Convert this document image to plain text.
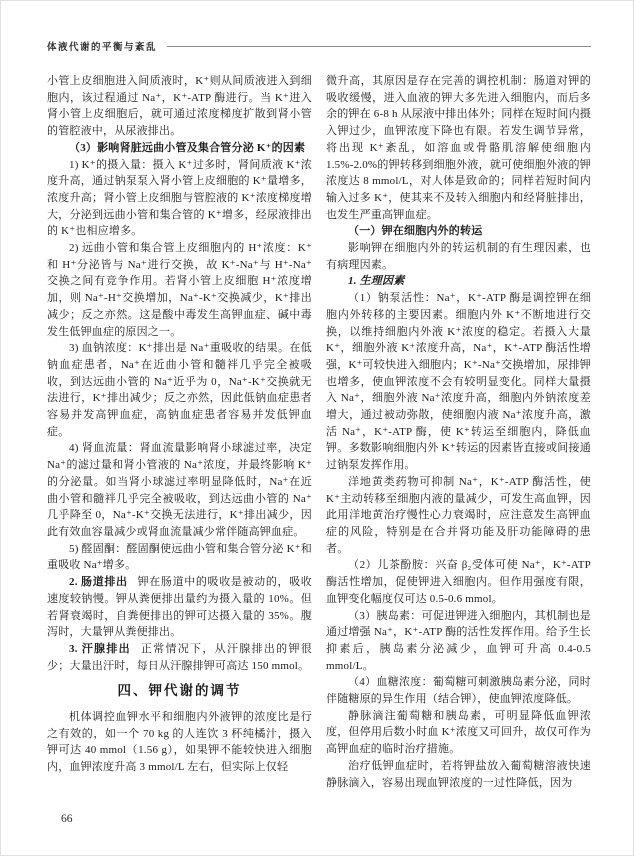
体液代谢的平衡与紊乱

小管上皮细胞进入间质液时，K⁺则从间质液进入到细胞内，该过程通过 Na⁺，K⁺-ATP 酶进行。当 K⁺进入肾小管上皮细胞后，就可通过浓度梯度扩散到肾小管的管腔液中，从尿液排出。

（3）影响肾脏远曲小管及集合管分泌 K⁺的因素

1) K⁺的摄入量：摄入 K⁺过多时，肾间质液 K⁺浓度升高，通过钠泵泵入肾小管上皮细胞的 K⁺量增多，浓度升高；肾小管上皮细胞与管腔液的 K⁺浓度梯度增大，分泌到远曲小管和集合管的 K⁺增多，经尿液排出的 K⁺也相应增多。

2) 远曲小管和集合管上皮细胞内的 H⁺浓度：K⁺和 H⁺分泌皆与 Na⁺进行交换，故 K⁺-Na⁺与 H⁺-Na⁺交换之间有竞争作用。若肾小管上皮细胞 H⁺浓度增加，则 Na⁺-H⁺交换增加，Na⁺-K⁺交换减少，K⁺排出减少；反之亦然。这是酸中毒发生高钾血症、碱中毒发生低钾血症的原因之一。

3) 血钠浓度：K⁺排出是 Na⁺重吸收的结果。在低钠血症患者，Na⁺在近曲小管和髓袢几乎完全被吸收，到达远曲小管的 Na⁺近乎为 0，Na⁺-K⁺交换就无法进行，K⁺排出减少；反之亦然，因此低钠血症患者容易并发高钾血症，高钠血症患者容易并发低钾血症。

4) 肾血流量：肾血流量影响肾小球滤过率，决定 Na⁺的滤过量和肾小管液的 Na⁺浓度，并最终影响 K⁺的分泌量。如当肾小球滤过率明显降低时，Na⁺在近曲小管和髓袢几乎完全被吸收，到达远曲小管的 Na⁺几乎降至 0，Na⁺-K⁺交换无法进行，K⁺排出减少，因此有效血容量减少或肾血流量减少常伴随高钾血症。

5) 醛固酮：醛固酮使远曲小管和集合管分泌 K⁺和重吸收 Na⁺增多。

2. 肠道排出 钾在肠道中的吸收是被动的，吸收速度较钠慢。钾从粪便排出量约为摄入量的 10%。但若肾衰竭时，自粪便排出的钾可达摄入量的 35%。腹泻时，大量钾从粪便排出。

3. 汗腺排出 正常情况下，从汗腺排出的钾很少；大量出汗时，每日从汗腺排钾可高达 150 mmol。

四、钾代谢的调节

机体调控血钾水平和细胞内外液钾的浓度比是行之有效的，如一个 70 kg 的人连饮 3 杯纯橘汁，摄入钾可达 40 mmol（1.56 g），如果钾不能较快进入细胞内，血钾浓度升高 3 mmol/L 左右，但实际上仅轻

微升高，其原因是存在完善的调控机制：肠道对钾的吸收缓慢，进入血液的钾大多先进入细胞内，而后多余的钾在 6-8 h 从尿液中排出体外；同样在短时间内摄入钾过少，血钾浓度下降也有限。若发生调节异常，将出现 K⁺紊乱，如溶血或骨骼肌溶解使细胞内 1.5%-2.0%的钾转移到细胞外液，就可使细胞外液的钾浓度达 8 mmol/L，对人体是致命的；同样若短时间内输入过多 K⁺，使其来不及转入细胞内和经肾脏排出，也发生严重高钾血症。

（一）钾在细胞内外的转运

影响钾在细胞内外的转运机制的有生理因素，也有病理因素。

1. 生理因素

（1）钠泵活性：Na⁺，K⁺-ATP 酶是调控钾在细胞内外转移的主要因素。细胞内外 K⁺不断地进行交换，以维持细胞内外液 K⁺浓度的稳定。若摄入大量 K⁺，细胞外液 K⁺浓度升高，Na⁺，K⁺-ATP 酶活性增强，K⁺可较快进入细胞内；K⁺-Na⁺交换增加，尿排钾也增多，使血钾浓度不会有较明显变化。同样大量摄入 Na⁺，细胞外液 Na⁺浓度升高，细胞内外钠浓度差增大，通过被动弥散，使细胞内液 Na⁺浓度升高，激活 Na⁺，K⁺-ATP 酶，使 K⁺转运至细胞内，降低血钾。多数影响细胞内外 K⁺转运的因素皆直接或间接通过钠泵发挥作用。

洋地黄类药物可抑制 Na⁺，K⁺-ATP 酶活性，使 K⁺主动转移至细胞内液的量减少，可发生高血钾，因此用洋地黄治疗慢性心力衰竭时，应注意发生高钾血症的风险，特别是在合并肾功能及肝功能障碍的患者。

（2）儿茶酚胺：兴奋 β₂受体可使 Na⁺，K⁺-ATP 酶活性增加，促使钾进入细胞内。但作用强度有限，血钾变化幅度仅可达 0.5-0.6 mmol。

（3）胰岛素：可促进钾进入细胞内，其机制也是通过增强 Na⁺，K⁺-ATP 酶的活性发挥作用。给予生长抑素后，胰岛素分泌减少，血钾可升高 0.4-0.5 mmol/L。

（4）血糖浓度：葡萄糖可刺激胰岛素分泌，同时伴随糖原的异生作用（结合钾），使血钾浓度降低。

静脉滴注葡萄糖和胰岛素，可明显降低血钾浓度，但停用后数小时血 K⁺浓度又可回升，故仅可作为高钾血症的临时治疗措施。

治疗低钾血症时，若将钾盐放入葡萄糖溶液快速静脉滴入，容易出现血钾浓度的一过性降低，因为

66
